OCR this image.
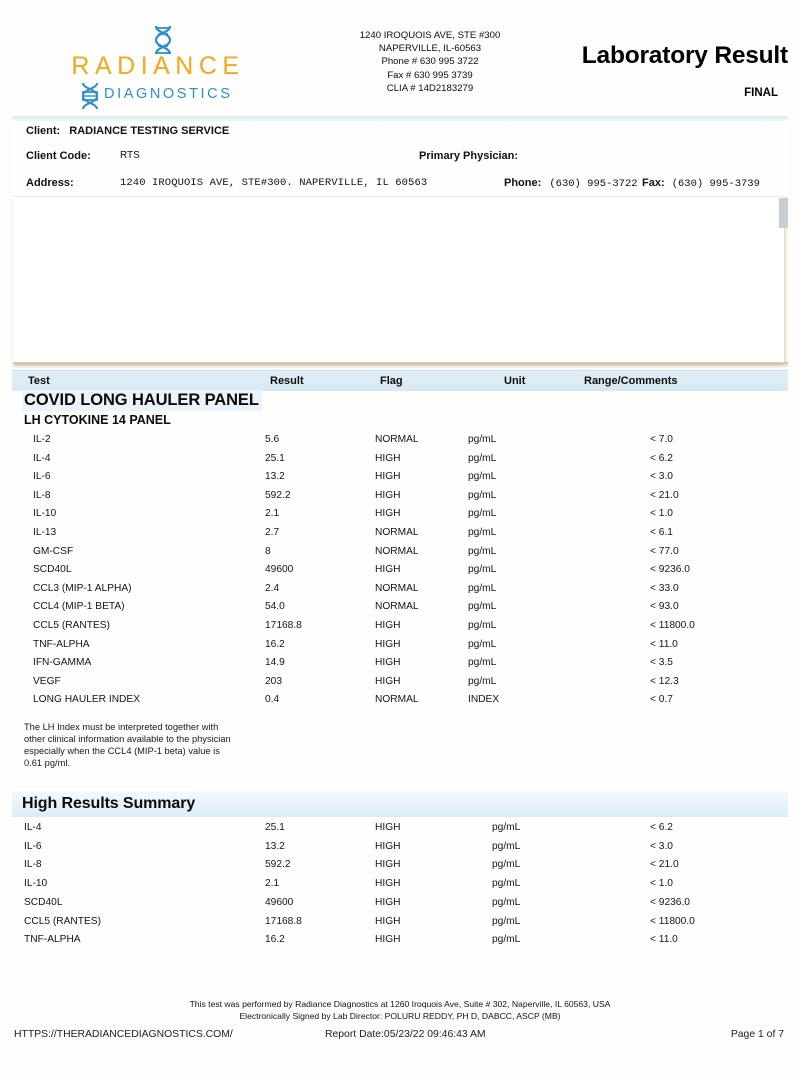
RADIANCE
DIAGNOSTICS
1240 IROQUOIS AVE, STE #300
NAPERVILLE, IL-60563
Phone # 630 995 3722
Fax # 630 995 3739
CLIA # 14D2183279
Laboratory Result
FINAL
Client: RADIANCE TESTING SERVICE
Client Code:	RTS	Primary Physician:
Address:	1240 IROQUOIS AVE, STE#300. NAPERVILLE, IL 60563	Phone: (630) 995-3722 Fax: (630) 995-3739
Test	Result	Flag	Unit	Range/Comments
COVID LONG HAULER PANEL
LH CYTOKINE 14 PANEL
IL-2	5.6	NORMAL	pg/mL	< 7.0
IL-4	25.1	HIGH	pg/mL	< 6.2
IL-6	13.2	HIGH	pg/mL	< 3.0
IL-8	592.2	HIGH	pg/mL	< 21.0
IL-10	2.1	HIGH	pg/mL	< 1.0
IL-13	2.7	NORMAL	pg/mL	< 6.1
GM-CSF	8	NORMAL	pg/mL	< 77.0
SCD40L	49600	HIGH	pg/mL	< 9236.0
CCL3 (MIP-1 ALPHA)	2.4	NORMAL	pg/mL	< 33.0
CCL4 (MIP-1 BETA)	54.0	NORMAL	pg/mL	< 93.0
CCL5 (RANTES)	17168.8	HIGH	pg/mL	< 11800.0
TNF-ALPHA	16.2	HIGH	pg/mL	< 11.0
IFN-GAMMA	14.9	HIGH	pg/mL	< 3.5
VEGF	203	HIGH	pg/mL	< 12.3
LONG HAULER INDEX	0.4	NORMAL	INDEX	< 0.7
The LH Index must be interpreted together with other clinical information available to the physician especially when the CCL4 (MIP-1 beta) value is 0.61 pg/ml.
High Results Summary
IL-4	25.1	HIGH	pg/mL	< 6.2
IL-6	13.2	HIGH	pg/mL	< 3.0
IL-8	592.2	HIGH	pg/mL	< 21.0
IL-10	2.1	HIGH	pg/mL	< 1.0
SCD40L	49600	HIGH	pg/mL	< 9236.0
CCL5 (RANTES)	17168.8	HIGH	pg/mL	< 11800.0
TNF-ALPHA	16.2	HIGH	pg/mL	< 11.0
This test was performed by Radiance Diagnostics at 1260 Iroquois Ave, Suite # 302, Naperville, IL 60563, USA
Electronically Signed by Lab Director: POLURU REDDY, PH D, DABCC, ASCP (MB)
HTTPS://THERADIANCEDIAGNOSTICS.COM/	Report Date:05/23/22 09:46:43 AM	Page 1 of 7
